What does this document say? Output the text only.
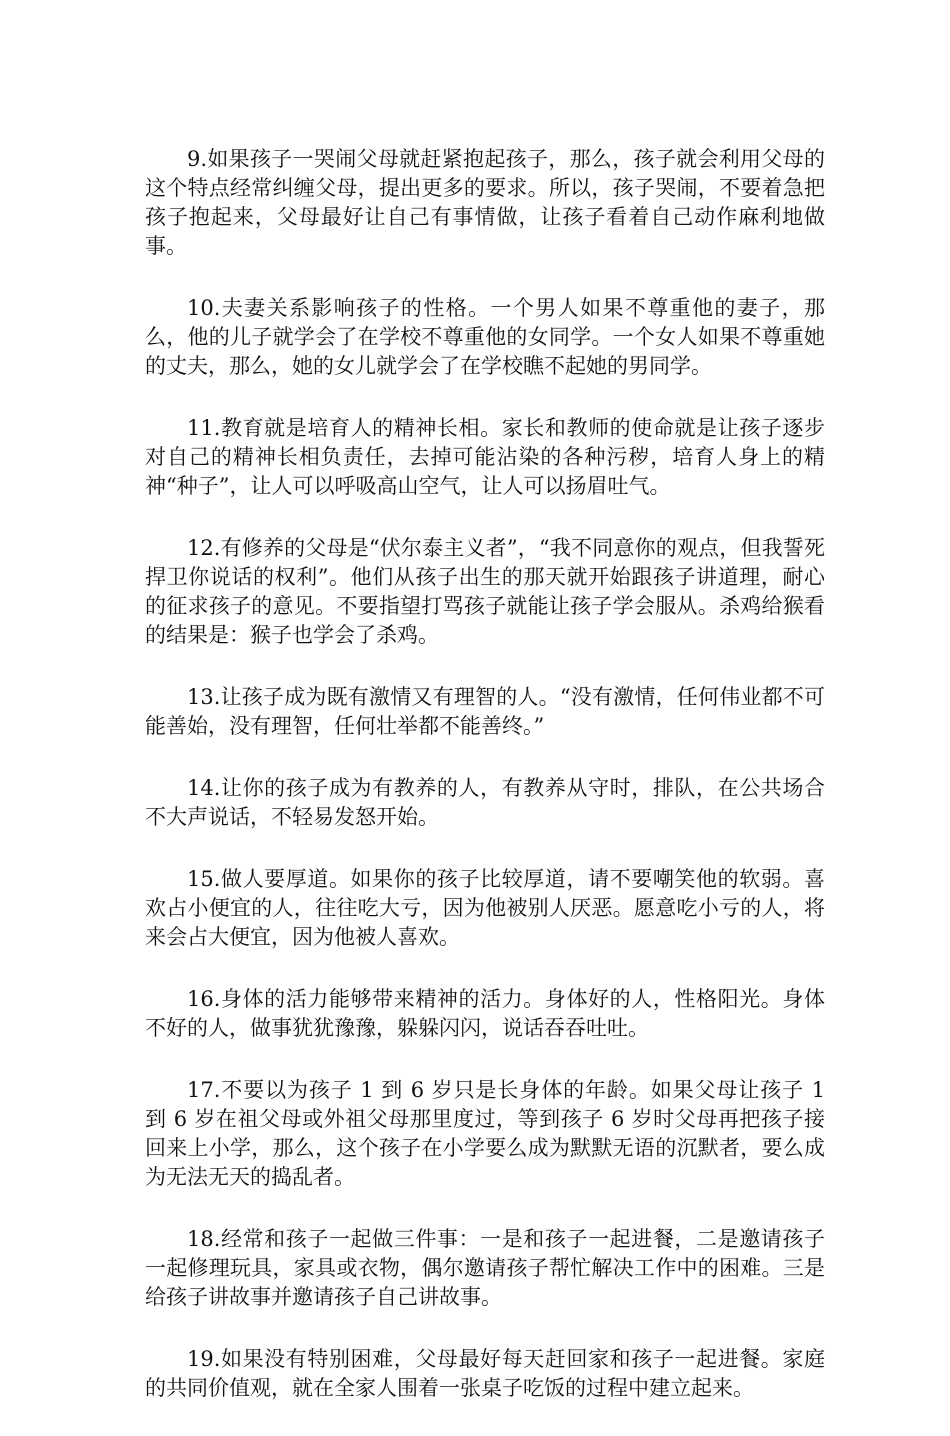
9.如果孩子一哭闹父母就赶紧抱起孩子，那么，孩子就会利用父母的这个特点经常纠缠父母，提出更多的要求。所以，孩子哭闹，不要着急把孩子抱起来，父母最好让自己有事情做，让孩子看着自己动作麻利地做事。

10.夫妻关系影响孩子的性格。一个男人如果不尊重他的妻子，那么，他的儿子就学会了在学校不尊重他的女同学。一个女人如果不尊重她的丈夫，那么，她的女儿就学会了在学校瞧不起她的男同学。

11.教育就是培育人的精神长相。家长和教师的使命就是让孩子逐步对自己的精神长相负责任，去掉可能沾染的各种污秽，培育人身上的精神“种子”，让人可以呼吸高山空气，让人可以扬眉吐气。

12.有修养的父母是“伏尔泰主义者”，“我不同意你的观点，但我誓死捍卫你说话的权利”。他们从孩子出生的那天就开始跟孩子讲道理，耐心的征求孩子的意见。不要指望打骂孩子就能让孩子学会服从。杀鸡给猴看的结果是：猴子也学会了杀鸡。

13.让孩子成为既有激情又有理智的人。“没有激情，任何伟业都不可能善始，没有理智，任何壮举都不能善终。”

14.让你的孩子成为有教养的人，有教养从守时，排队，在公共场合不大声说话，不轻易发怒开始。

15.做人要厚道。如果你的孩子比较厚道，请不要嘲笑他的软弱。喜欢占小便宜的人，往往吃大亏，因为他被别人厌恶。愿意吃小亏的人，将来会占大便宜，因为他被人喜欢。

16.身体的活力能够带来精神的活力。身体好的人，性格阳光。身体不好的人，做事犹犹豫豫，躲躲闪闪，说话吞吞吐吐。

17.不要以为孩子 1 到 6 岁只是长身体的年龄。如果父母让孩子 1 到 6 岁在祖父母或外祖父母那里度过，等到孩子 6 岁时父母再把孩子接回来上小学，那么，这个孩子在小学要么成为默默无语的沉默者，要么成为无法无天的捣乱者。

18.经常和孩子一起做三件事：一是和孩子一起进餐，二是邀请孩子一起修理玩具，家具或衣物，偶尔邀请孩子帮忙解决工作中的困难。三是给孩子讲故事并邀请孩子自己讲故事。

19.如果没有特别困难，父母最好每天赶回家和孩子一起进餐。家庭的共同价值观，就在全家人围着一张桌子吃饭的过程中建立起来。
